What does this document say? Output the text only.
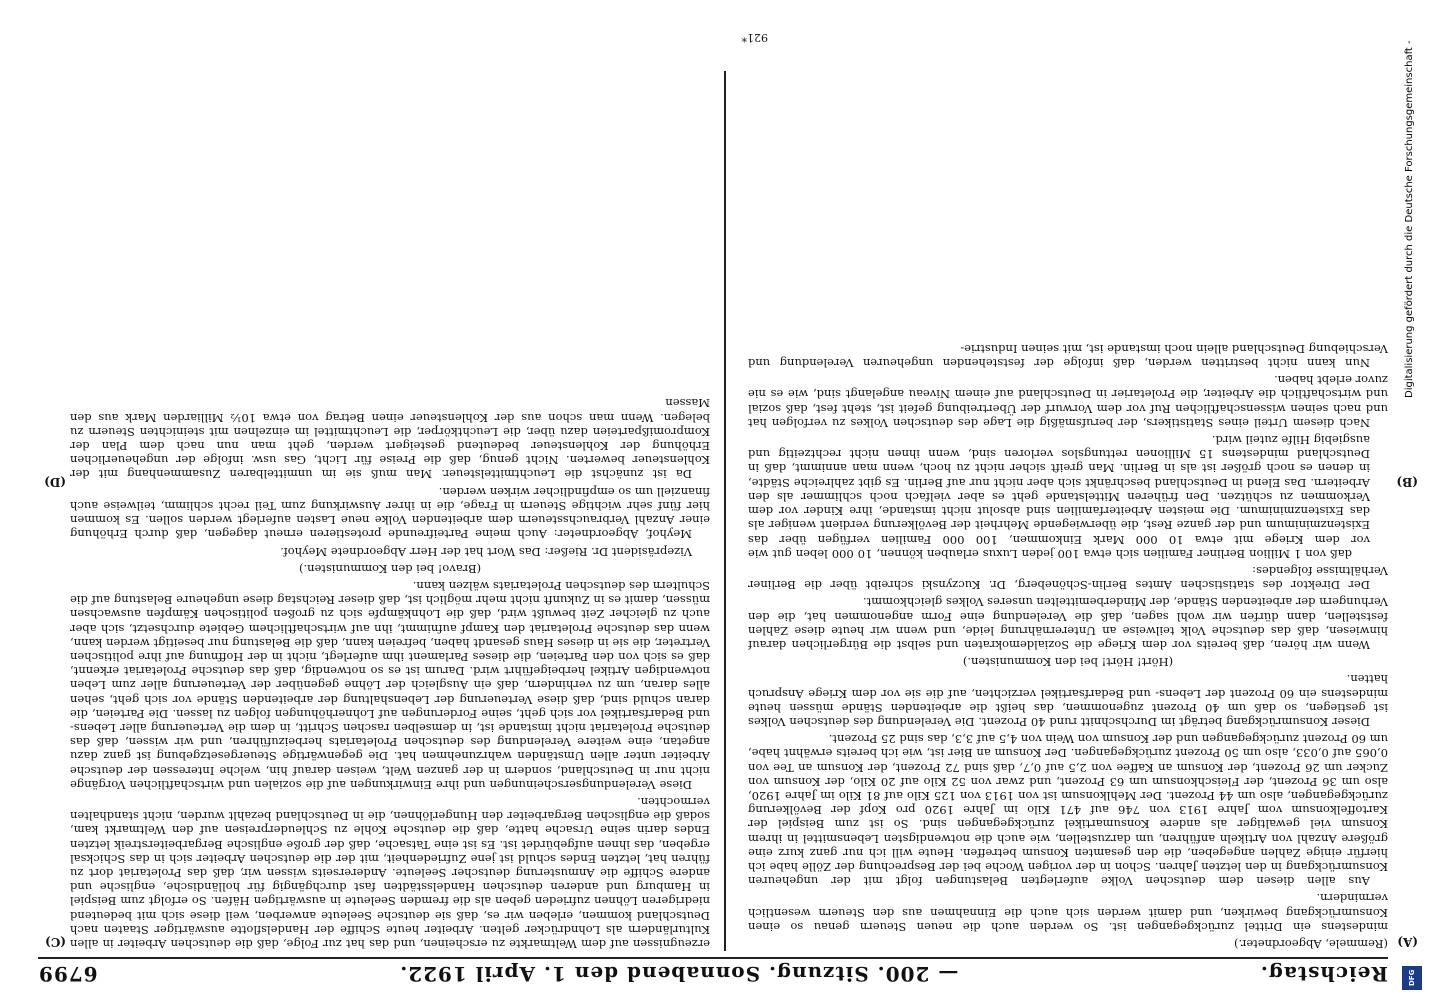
Reichstag.
— 200. Sitzung. Sonnabend den 1. April 1922.
6799
(A)
(B)
(C)
(D)

(Remmele, Abgeordneter.)

mindestens ein Drittel zurückgegangen ist. So werden auch die neuen Steuern genau so einen Konsumrückgang bewirken, und damit werden sich auch die Einnahmen aus den Steuern wesentlich vermindern.

Aus allen diesen dem deutschen Volke auferlegten Belastungen folgt mit der ungeheuren Konsumrückgang in den letzten Jahren. Schon in der vorigen Woche bei der Besprechung der Zölle habe ich hierfür einige Zahlen angegeben, die den gesamten Konsum betreffen. Heute will ich nur ganz kurz eine größere Anzahl von Artikeln anführen, um darzustellen, wie auch die notwendigsten Lebensmittel in ihrem Konsum viel gewaltiger als andere Konsumartikel zurückgegangen sind. So ist zum Beispiel der Kartoffelkonsum vom Jahre 1913 von 746 auf 471 Kilo im Jahre 1920 pro Kopf der Bevölkerung zurückgegangen, also um 44 Prozent. Der Mehlkonsum ist von 1913 von 125 Kilo auf 81 Kilo im Jahre 1920, also um 36 Prozent, der Fleischkonsum um 63 Prozent, und zwar von 52 Kilo auf 20 Kilo, der Konsum von Zucker um 26 Prozent, der Konsum an Kaffee von 2,5 auf 0,7, daß sind 72 Prozent, der Konsum an Tee von 0,065 auf 0,033, also um 50 Prozent zurückgegangen. Der Konsum an Bier ist, wie ich bereits erwähnt habe, um 60 Prozent zurückgegangen und der Konsum von Wein von 4,5 auf 3,3, das sind 25 Prozent.

Dieser Konsumrückgang beträgt im Durchschnitt rund 40 Prozent. Die Verelendung des deutschen Volkes ist gestiegen, so daß um 40 Prozent zugenommen, das heißt die arbeitenden Stände müssen heute mindestens ein 60 Prozent der Lebens- und Bedarfsartikel verzichten, auf die sie vor dem Kriege Anspruch hatten.

(Hört! Hört! bei den Kommunisten.)

Wenn wir hören, daß bereits vor dem Kriege die Sozialdemokraten und selbst die Bürgerlichen darauf hinwiesen, daß das deutsche Volk teilweise an Unterernährung leide, und wenn wir heute diese Zahlen feststellen, dann dürfen wir wohl sagen, daß die Verelendung eine Form angenommen hat, die den Verhungern der arbeitenden Stände, der Minderbemittelten unseres Volkes gleichkommt.

Der Direktor des statistischen Amtes Berlin-Schöneberg, Dr. Kuczynski schreibt über die Berliner Verhältnisse folgendes:

daß von 1 Million Berliner Familien sich etwa 100 jeden Luxus erlauben können, 10 000 leben gut wie vor dem Kriege mit etwa 10 000 Mark Einkommen, 100 000 Familien verfügen über das Existenzminimum und der ganze Rest, die überwiegende Mehrheit der Bevölkerung verdient weniger als das Existenzminimum. Die meisten Arbeiterfamilien sind absolut nicht imstande, ihre Kinder vor dem Verkommen zu schützen. Den früheren Mittelstande geht es aber vielfach noch schlimmer als den Arbeitern. Das Elend in Deutschland beschränkt sich aber nicht nur auf Berlin. Es gibt zahlreiche Städte, in denen es noch größer ist als in Berlin. Man greift sicher nicht zu hoch, wenn man annimmt, daß in Deutschland mindestens 15 Millionen rettungslos verloren sind, wenn ihnen nicht rechtzeitig und ausgiebig Hilfe zuteil wird.

Nach diesem Urteil eines Statistikers, der berufsmäßig die Lage des deutschen Volkes zu verfolgen hat und nach seinen wissenschaftlichen Ruf vor dem Vorwurf der Übertreibung gefeit ist, steht fest, daß sozial und wirtschaftlich die Arbeiter, die Proletarier in Deutschland auf einem Niveau angelangt sind, wie es nie zuvor erlebt haben.

Nun kann nicht bestritten werden, daß infolge der feststehenden ungeheuren Verelendung und Verschiebung Deutschland allein noch imstande ist, mit seinen Industrie-

erzeugnissen auf dem Weltmarkte zu erscheinen, und das hat zur Folge, daß die deutschen Arbeiter in allen Kulturländern als Lohndrücker gelten. Arbeiter heute Schiffe der Handelsflotte auswärtiger Staaten nach Deutschland kommen, erleben wir es, daß sie deutsche Seeleute anwerben, weil diese sich mit bedeutend niedrigeren Löhnen zufrieden geben als die fremden Seeleute in auswärtigen Häfen. So erfolgt zum Beispiel in Hamburg und anderen deutschen Handelsstädten fast durchgängig für holländische, englische und andere Schiffe die Anmusterung deutscher Seeleute. Andererseits wissen wir, daß das Proletariat dort zu führen hat, letzten Endes schuld ist jene Zufriedenheit, mit der die deutschen Arbeiter sich in das Schicksal ergeben, das ihnen aufgebürdet ist. Es ist eine Tatsache, daß der große englische Bergarbeiterstreik letzten Endes darin seine Ursache hatte, daß die deutsche Kohle zu Schleuderpreisen auf den Weltmarkt kam, sodaß die englischen Bergarbeiter den Hungerlöhnen, die in Deutschland bezahlt wurden, nicht standhalten vermochten.

Diese Verelendungserscheinungen und ihre Einwirkungen auf die sozialen und wirtschaftlichen Vorgänge nicht nur in Deutschland, sondern in der ganzen Welt, weisen darauf hin, welche Interessen der deutsche Arbeiter unter allen Umständen wahrzunehmen hat. Die gegenwärtige Steuergesetzgebung ist ganz dazu angetan, eine weitere Verelendung des deutschen Proletariats herbeizuführen, und wir wissen, daß das deutsche Proletariat nicht imstande ist, in demselben raschen Schritt, in dem die Verteuerung aller Lebens- und Bedarfsartikel vor sich geht, seine Forderungen auf Lohnerhöhungen folgen zu lassen. Die Parteien, die daran schuld sind, daß diese Verteuerung der Lebenshaltung der arbeitenden Stände vor sich geht, sehen alles daran, um zu verhindern, daß ein Ausgleich der Löhne gegenüber der Verteuerung aller zum Leben notwendigen Artikel herbeigeführt wird. Darum ist es so notwendig, daß das deutsche Proletariat erkennt, daß es sich von den Parteien, die dieses Parlament ihm auferlegt, nicht in der Hoffnung auf ihre politischen Vertreter, die sie in dieses Haus gesandt haben, befreien kann, daß die Belastung nur beseitigt werden kann, wenn das deutsche Proletariat den Kampf aufnimmt, ihn auf wirtschaftlichem Gebiete durchsetzt, sich aber auch zu gleicher Zeit bewußt wird, daß die Lohnkämpfe sich zu großen politischen Kämpfen auswachsen müssen, damit es in Zukunft nicht mehr möglich ist, daß dieser Reichstag diese ungeheure Belastung auf die Schultern des deutschen Proletariats wälzen kann.

(Bravo! bei den Kommunisten.)

Vizepräsident Dr. Rießer: Das Wort hat der Herr Abgeordnete Meyhof.

Meyhof, Abgeordneter: Auch meine Parteifreunde protestieren erneut dagegen, daß durch Erhöhung einer Anzahl Verbrauchssteuern dem arbeitenden Volke neue Lasten auferlegt werden sollen. Es kommen hier fünf sehr wichtige Steuern in Frage, die in ihrer Auswirkung zum Teil recht schlimm, teilweise auch finanziell um so empfindlicher wirken werden.

Da ist zunächst die Leuchtmittelsteuer. Man muß sie im unmittelbaren Zusammenhang mit der Kohlensteuer bewerten. Nicht genug, daß die Preise für Licht, Gas usw. infolge der ungeheuerlichen Erhöhung der Kohlensteuer bedeutend gesteigert werden, geht man nun nach dem Plan der Kompromißparteien dazu über, die Leuchtkörper, die Leuchtmittel im einzelnen mit steinichten Steuern zu belegen. Wenn man schon aus der Kohlensteuer einen Betrag von etwa 10½ Milliarden Mark aus den Massen

921*
Digitalisierung gefördert durch die Deutsche Forschungsgemeinschaft -
DFG
